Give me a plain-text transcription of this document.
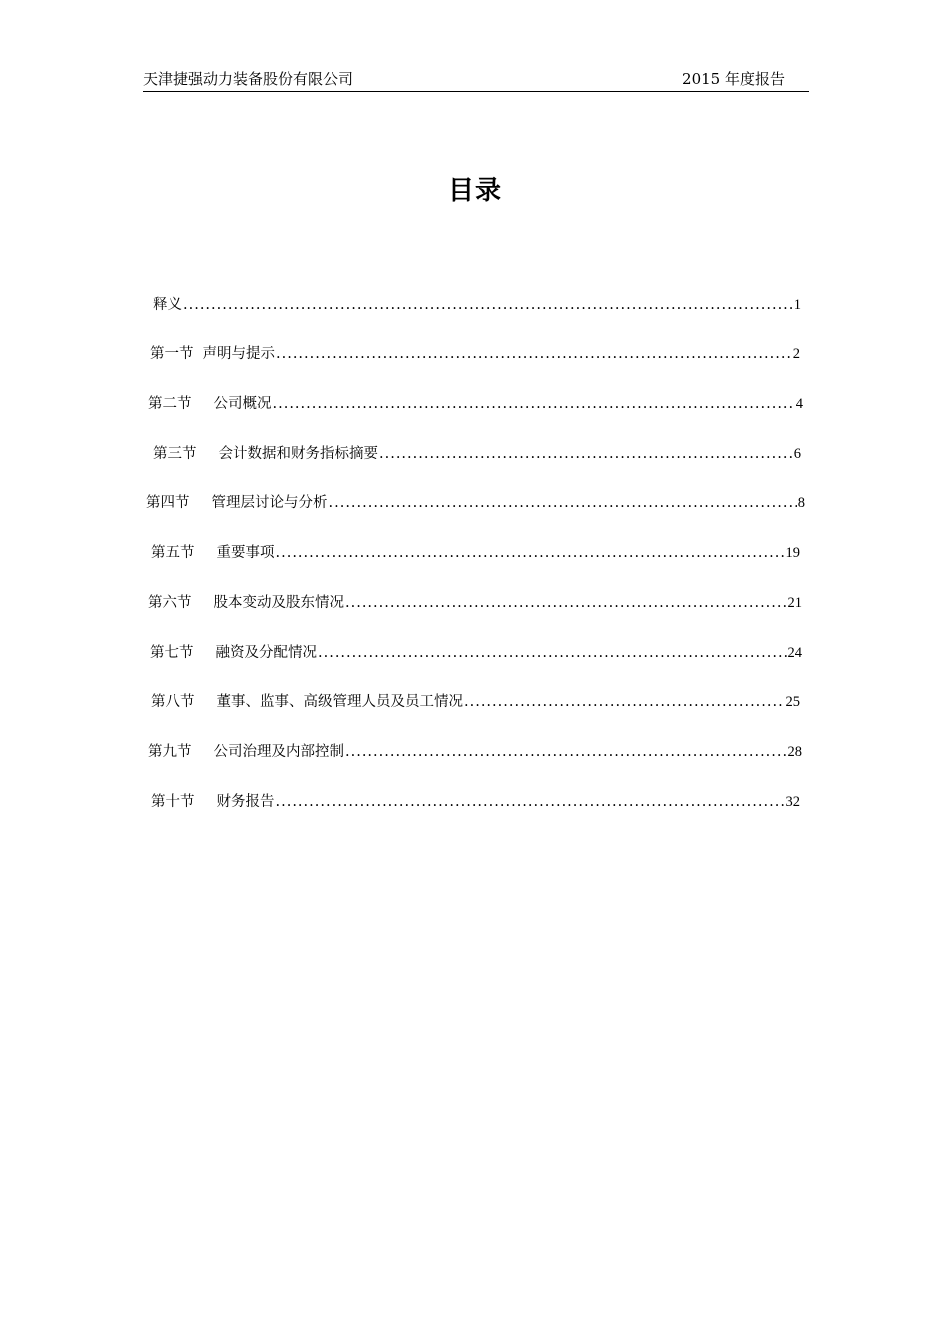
天津捷强动力装备股份有限公司	2015 年度报告
目录
释义 .....	1
第一节 声明与提示 .....	2
第二节 公司概况 .....	4
第三节 会计数据和财务指标摘要 .....	6
第四节 管理层讨论与分析 .....	8
第五节 重要事项 .....	19
第六节 股本变动及股东情况 .....	21
第七节 融资及分配情况 .....	24
第八节 董事、监事、高级管理人员及员工情况 .....	25
第九节 公司治理及内部控制 .....	28
第十节 财务报告 .....	32
